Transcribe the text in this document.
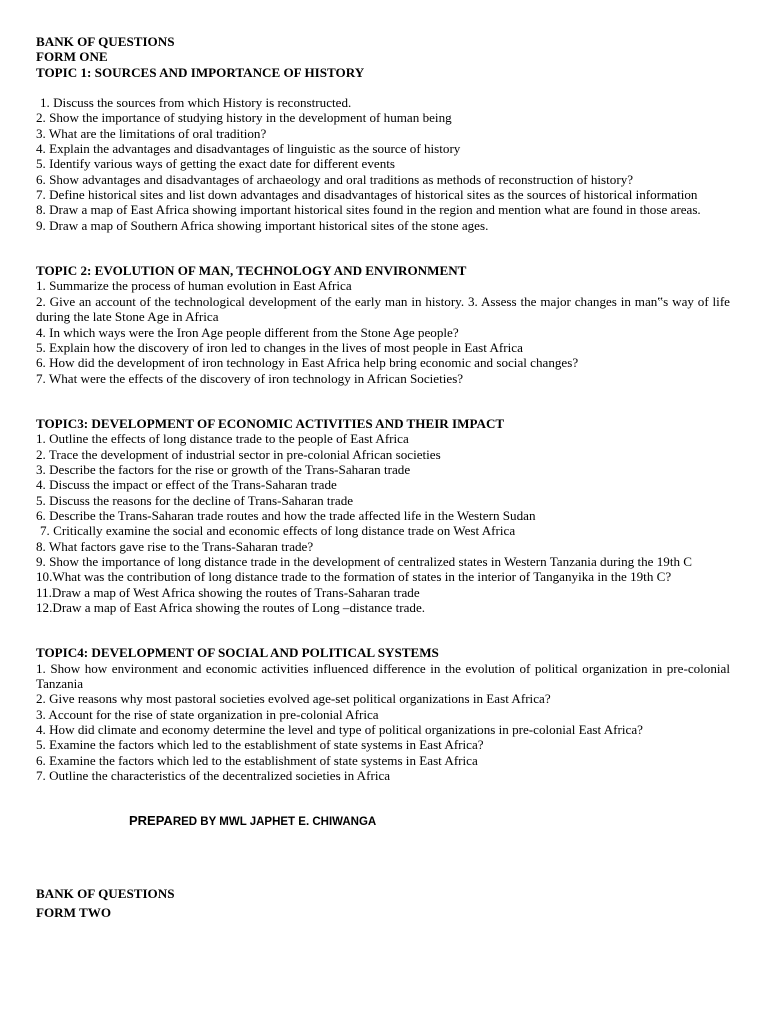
BANK OF QUESTIONS
FORM ONE
TOPIC 1: SOURCES AND IMPORTANCE OF HISTORY
1. Discuss the sources from which History is reconstructed.
2. Show the importance of studying history in the development of human being
3. What are the limitations of oral tradition?
4. Explain the advantages and disadvantages of linguistic as the source of history
5. Identify various ways of getting the exact date for different events
6. Show advantages and disadvantages of archaeology and oral traditions as methods of reconstruction of history?
7. Define historical sites and list down advantages and disadvantages of historical sites as the sources of historical information
8. Draw a map of East Africa showing important historical sites found in the region and mention what are found in those areas.
9. Draw a map of Southern Africa showing important historical sites of the stone ages.
TOPIC 2: EVOLUTION OF MAN, TECHNOLOGY AND ENVIRONMENT
1. Summarize the process of human evolution in East Africa
2. Give an account of the technological development of the early man in history. 3. Assess the major changes in man‟s way of life during the late Stone Age in Africa
4. In which ways were the Iron Age people different from the Stone Age people?
5. Explain how the discovery of iron led to changes in the lives of most people in East Africa
6. How did the development of iron technology in East Africa help bring economic and social changes?
7. What were the effects of the discovery of iron technology in African Societies?
TOPIC3: DEVELOPMENT OF ECONOMIC ACTIVITIES AND THEIR IMPACT
1. Outline the effects of long distance trade to the people of East Africa
2. Trace the development of industrial sector in pre-colonial African societies
3. Describe the factors for the rise or growth of the Trans-Saharan trade
4. Discuss the impact or effect of the Trans-Saharan trade
5. Discuss the reasons for the decline of Trans-Saharan trade
6. Describe the Trans-Saharan trade routes and how the trade affected life in the Western Sudan
7. Critically examine the social and economic effects of long distance trade on West Africa
8. What factors gave rise to the Trans-Saharan trade?
9. Show the importance of long distance trade in the development of centralized states in Western Tanzania during the 19th C
10.What was the contribution of long distance trade to the formation of states in the interior of Tanganyika in the 19th C?
11.Draw a map of West Africa showing the routes of Trans-Saharan trade
12.Draw a map of East Africa showing the routes of Long –distance trade.
TOPIC4: DEVELOPMENT OF SOCIAL AND POLITICAL SYSTEMS
1. Show how environment and economic activities influenced difference in the evolution of political organization in pre-colonial Tanzania
2. Give reasons why most pastoral societies evolved age-set political organizations in East Africa?
3. Account for the rise of state organization in pre-colonial Africa
4. How did climate and economy determine the level and type of political organizations in pre-colonial East Africa?
5. Examine the factors which led to the establishment of state systems in East Africa?
6. Examine the factors which led to the establishment of state systems in East Africa
7. Outline the characteristics of the decentralized societies in Africa
PREPARED BY MWL JAPHET E. CHIWANGA
BANK OF QUESTIONS
FORM TWO
